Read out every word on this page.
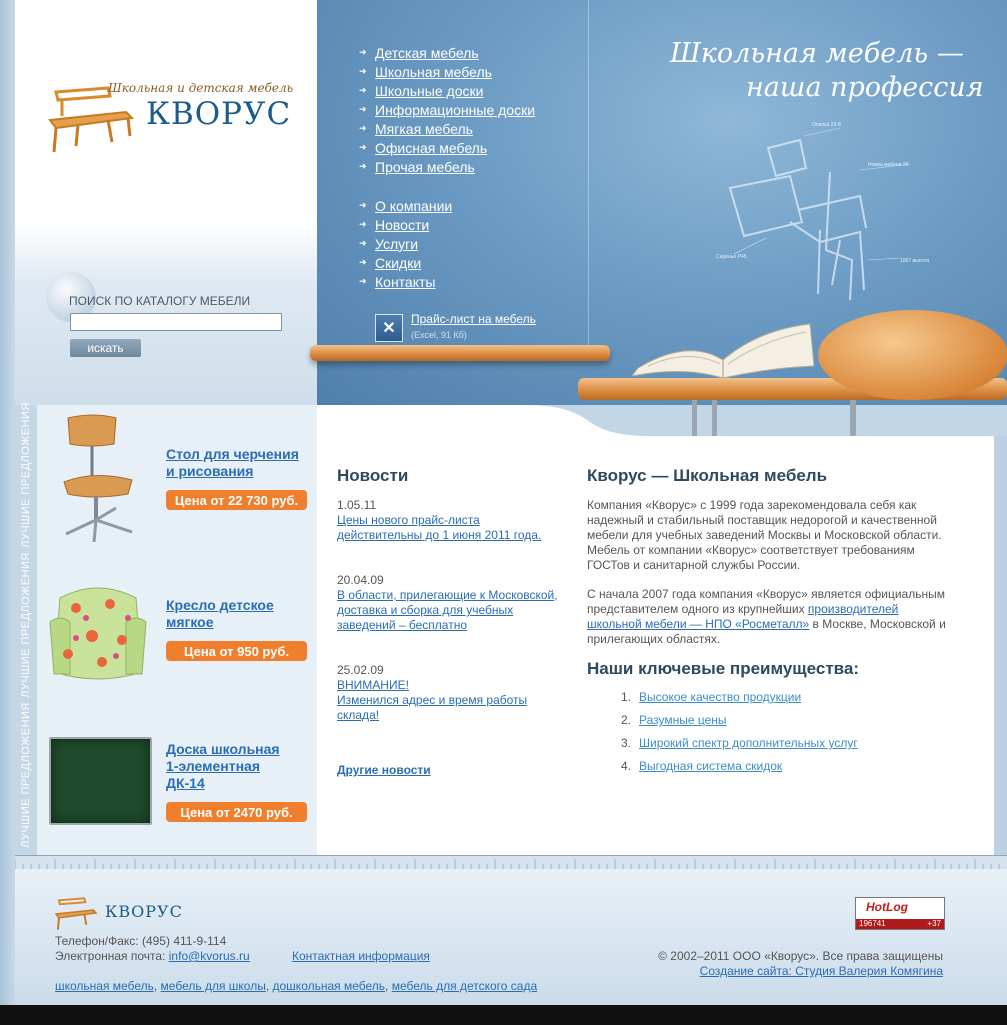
Школьная и детская мебель
КВОРУС
Школьная мебель —
наша профессия
Опалка 23-8
Ножка мебели 25
Сиденье Р45
1067 высота
➜ Детская мебель
➜ Школьная мебель
➜ Школьные доски
➜ Информационные доски
➜ Мягкая мебель
➜ Офисная мебель
➜ Прочая мебель
➜ О компании
➜ Новости
➜ Услуги
➜ Скидки
➜ Контакты
✕
Прайс-лист на мебель
(Excel, 91 Кб)
ПОИСК ПО КАТАЛОГУ МЕБЕЛИ
искать
ЛУЧШИЕ ПРЕДЛОЖЕНИЯ
ЛУЧШИЕ ПРЕДЛОЖЕНИЯ
ЛУЧШИЕ ПРЕДЛОЖЕНИЯ
Стол для черчения
и рисования
Цена от 22 730 руб.
Кресло детское
мягкое
Цена от 950 руб.
Доска школьная
1-элементная
ДК-14
Цена от 2470 руб.
Новости
1.05.11
Цены нового прайс-листа
действительны до 1 июня 2011 года.
20.04.09
В области, прилегающие к Московской,
доставка и сборка для учебных
заведений – бесплатно
25.02.09
ВНИМАНИЕ!
Изменился адрес и время работы
склада!
Другие новости
Кворус — Школьная мебель
Компания «Кворус» с 1999 года зарекомендовала себя как
надежный и стабильный поставщик недорогой и качественной
мебели для учебных заведений Москвы и Московской области.
Мебель от компании «Кворус» соответствует требованиям
ГОСТов и санитарной службы России.
С начала 2007 года компания «Кворус» является официальным
представителем одного из крупнейших производителей
школьной мебели — НПО «Росметалл» в Москве, Московской и
прилегающих областях.
Наши ключевые преимущества:
1. Высокое качество продукции
2. Разумные цены
3. Широкий спектр дополнительных услуг
4. Выгодная система скидок
КВОРУС
Телефон/Факс: (495) 411-9-114
Электронная почта: info@kvorus.ru	Контактная информация
школьная мебель, мебель для школы, дошкольная мебель, мебель для детского сада
HotLog
196741	+37
© 2002–2011 ООО «Кворус». Все права защищены
Создание сайта: Студия Валерия Комягина
